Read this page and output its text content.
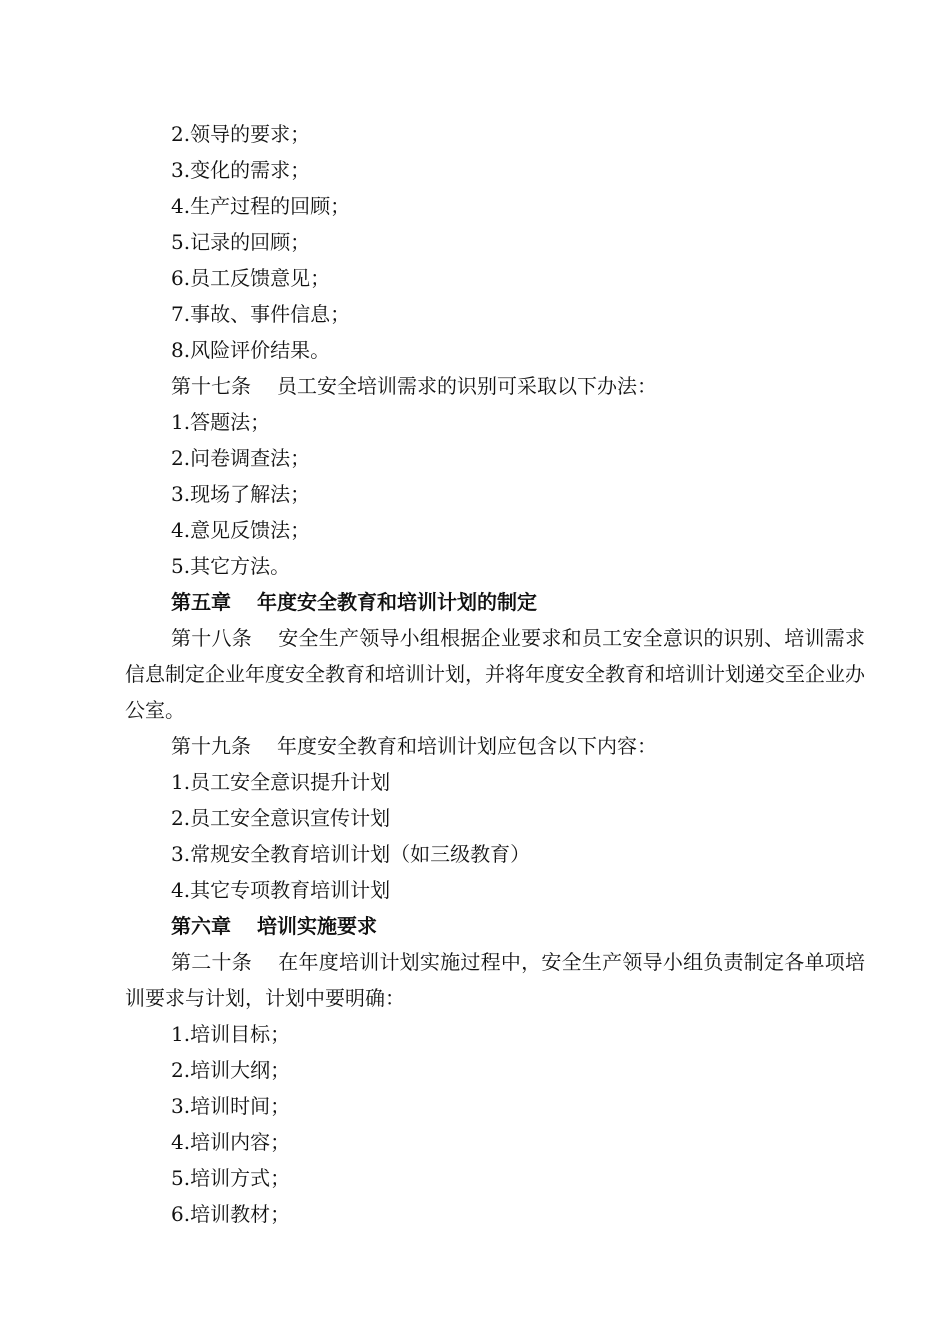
2.领导的要求；
3.变化的需求；
4.生产过程的回顾；
5.记录的回顾；
6.员工反馈意见；
7.事故、事件信息；
8.风险评价结果。
第十七条 员工安全培训需求的识别可采取以下办法：
1.答题法；
2.问卷调查法；
3.现场了解法；
4.意见反馈法；
5.其它方法。
第五章 年度安全教育和培训计划的制定
第十八条 安全生产领导小组根据企业要求和员工安全意识的识别、培训需求信息制定企业年度安全教育和培训计划，并将年度安全教育和培训计划递交至企业办公室。
第十九条 年度安全教育和培训计划应包含以下内容：
1.员工安全意识提升计划
2.员工安全意识宣传计划
3.常规安全教育培训计划（如三级教育）
4.其它专项教育培训计划
第六章 培训实施要求
第二十条 在年度培训计划实施过程中，安全生产领导小组负责制定各单项培训要求与计划，计划中要明确：
1.培训目标；
2.培训大纲；
3.培训时间；
4.培训内容；
5.培训方式；
6.培训教材；
